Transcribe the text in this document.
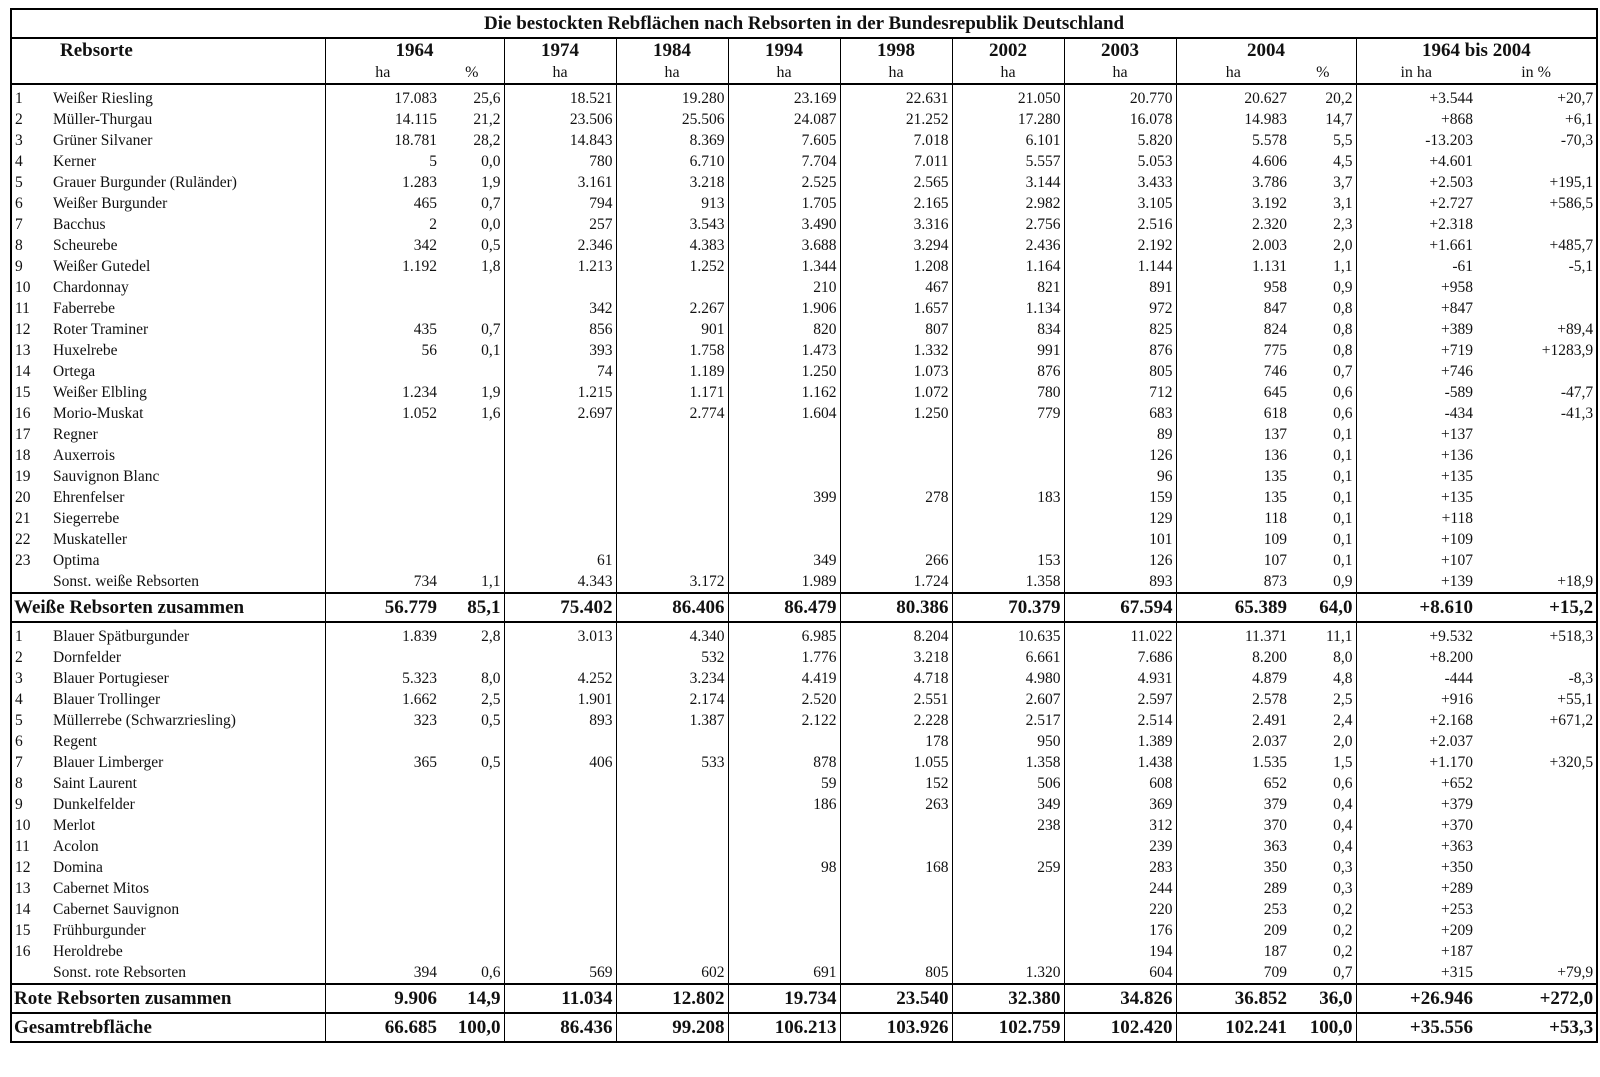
Die bestockten Rebflächen nach Rebsorten in der Bundesrepublik Deutschland													
Rebsorte		1964		1974	1984	1994	1998	2002	2003	2004		1964 bis 2004	
		ha	%	ha	ha	ha	ha	ha	ha	ha	%	in ha	in %
1	Weißer Riesling	17.083	25,6	18.521	19.280	23.169	22.631	21.050	20.770	20.627	20,2	+3.544	+20,7
2	Müller-Thurgau	14.115	21,2	23.506	25.506	24.087	21.252	17.280	16.078	14.983	14,7	+868	+6,1
3	Grüner Silvaner	18.781	28,2	14.843	8.369	7.605	7.018	6.101	5.820	5.578	5,5	-13.203	-70,3
4	Kerner	5	0,0	780	6.710	7.704	7.011	5.557	5.053	4.606	4,5	+4.601	
5	Grauer Burgunder (Ruländer)	1.283	1,9	3.161	3.218	2.525	2.565	3.144	3.433	3.786	3,7	+2.503	+195,1
6	Weißer Burgunder	465	0,7	794	913	1.705	2.165	2.982	3.105	3.192	3,1	+2.727	+586,5
7	Bacchus	2	0,0	257	3.543	3.490	3.316	2.756	2.516	2.320	2,3	+2.318	
8	Scheurebe	342	0,5	2.346	4.383	3.688	3.294	2.436	2.192	2.003	2,0	+1.661	+485,7
9	Weißer Gutedel	1.192	1,8	1.213	1.252	1.344	1.208	1.164	1.144	1.131	1,1	-61	-5,1
10	Chardonnay					210	467	821	891	958	0,9	+958	
11	Faberrebe			342	2.267	1.906	1.657	1.134	972	847	0,8	+847	
12	Roter Traminer	435	0,7	856	901	820	807	834	825	824	0,8	+389	+89,4
13	Huxelrebe	56	0,1	393	1.758	1.473	1.332	991	876	775	0,8	+719	+1283,9
14	Ortega			74	1.189	1.250	1.073	876	805	746	0,7	+746	
15	Weißer Elbling	1.234	1,9	1.215	1.171	1.162	1.072	780	712	645	0,6	-589	-47,7
16	Morio-Muskat	1.052	1,6	2.697	2.774	1.604	1.250	779	683	618	0,6	-434	-41,3
17	Regner								89	137	0,1	+137	
18	Auxerrois								126	136	0,1	+136	
19	Sauvignon Blanc								96	135	0,1	+135	
20	Ehrenfelser					399	278	183	159	135	0,1	+135	
21	Siegerrebe								129	118	0,1	+118	
22	Muskateller								101	109	0,1	+109	
23	Optima			61		349	266	153	126	107	0,1	+107	
	Sonst. weiße Rebsorten	734	1,1	4.343	3.172	1.989	1.724	1.358	893	873	0,9	+139	+18,9
Weiße Rebsorten zusammen		56.779	85,1	75.402	86.406	86.479	80.386	70.379	67.594	65.389	64,0	+8.610	+15,2
1	Blauer Spätburgunder	1.839	2,8	3.013	4.340	6.985	8.204	10.635	11.022	11.371	11,1	+9.532	+518,3
2	Dornfelder				532	1.776	3.218	6.661	7.686	8.200	8,0	+8.200	
3	Blauer Portugieser	5.323	8,0	4.252	3.234	4.419	4.718	4.980	4.931	4.879	4,8	-444	-8,3
4	Blauer Trollinger	1.662	2,5	1.901	2.174	2.520	2.551	2.607	2.597	2.578	2,5	+916	+55,1
5	Müllerrebe (Schwarzriesling)	323	0,5	893	1.387	2.122	2.228	2.517	2.514	2.491	2,4	+2.168	+671,2
6	Regent						178	950	1.389	2.037	2,0	+2.037	
7	Blauer Limberger	365	0,5	406	533	878	1.055	1.358	1.438	1.535	1,5	+1.170	+320,5
8	Saint Laurent					59	152	506	608	652	0,6	+652	
9	Dunkelfelder					186	263	349	369	379	0,4	+379	
10	Merlot							238	312	370	0,4	+370	
11	Acolon								239	363	0,4	+363	
12	Domina					98	168	259	283	350	0,3	+350	
13	Cabernet Mitos								244	289	0,3	+289	
14	Cabernet Sauvignon								220	253	0,2	+253	
15	Frühburgunder								176	209	0,2	+209	
16	Heroldrebe								194	187	0,2	+187	
	Sonst. rote Rebsorten	394	0,6	569	602	691	805	1.320	604	709	0,7	+315	+79,9
Rote Rebsorten zusammen		9.906	14,9	11.034	12.802	19.734	23.540	32.380	34.826	36.852	36,0	+26.946	+272,0
Gesamtrebfläche		66.685	100,0	86.436	99.208	106.213	103.926	102.759	102.420	102.241	100,0	+35.556	+53,3
